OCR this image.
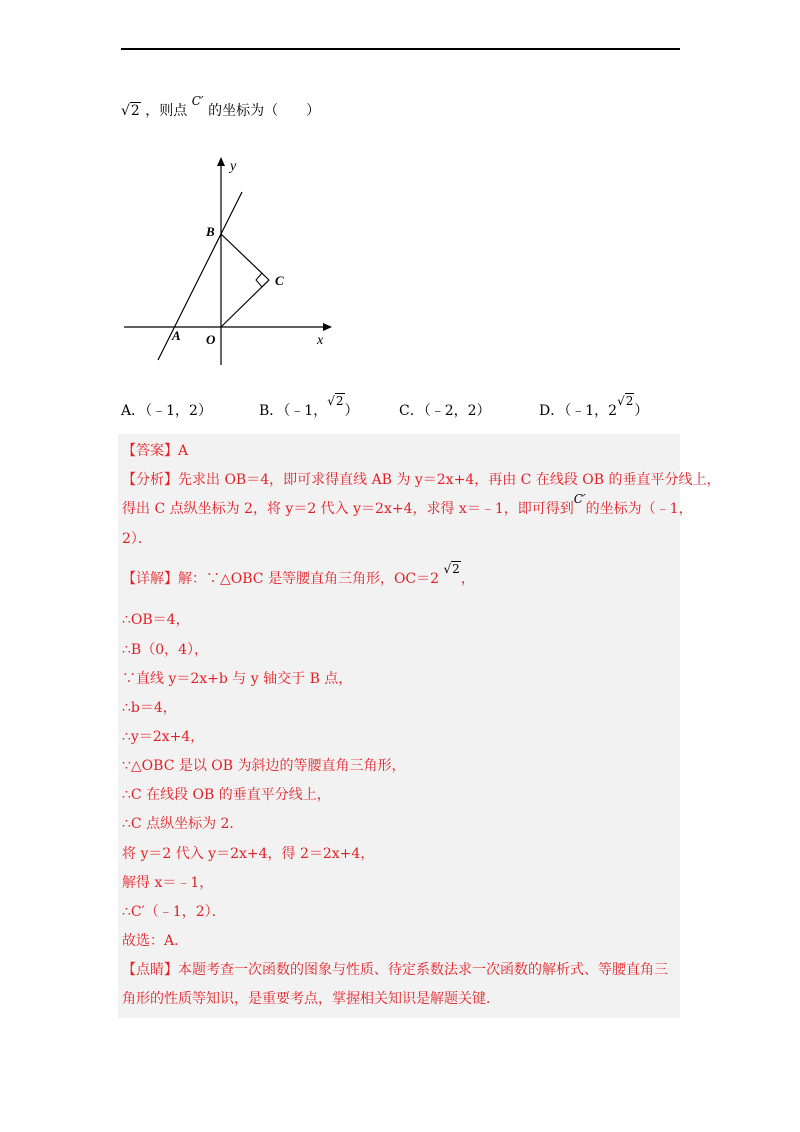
√2 ，则点 C′ 的坐标为（　　）
y
x
B
C
O
A
A．（﹣1，2）	B．（﹣1，√2）	C．（﹣2，2）	D．（﹣1，2√2）
【答案】A
【分析】先求出 OB＝4，即可求得直线 AB 为 y＝2x+4，再由 C 在线段 OB 的垂直平分线上，
得出 C 点纵坐标为 2，将 y＝2 代入 y＝2x+4，求得 x＝﹣1，即可得到C′的坐标为（﹣1，
2）．
【详解】解：∵△OBC 是等腰直角三角形，OC＝2 √2，
∴OB＝4，
∴B（0，4），
∵直线 y＝2x+b 与 y 轴交于 B 点，
∴b＝4，
∴y＝2x+4，
∵△OBC 是以 OB 为斜边的等腰直角三角形，
∴C 在线段 OB 的垂直平分线上，
∴C 点纵坐标为 2．
将 y＝2 代入 y＝2x+4，得 2＝2x+4，
解得 x＝﹣1，
∴C′（﹣1，2）．
故选：A．
【点睛】本题考查一次函数的图象与性质、待定系数法求一次函数的解析式、等腰直角三
角形的性质等知识，是重要考点，掌握相关知识是解题关键．
